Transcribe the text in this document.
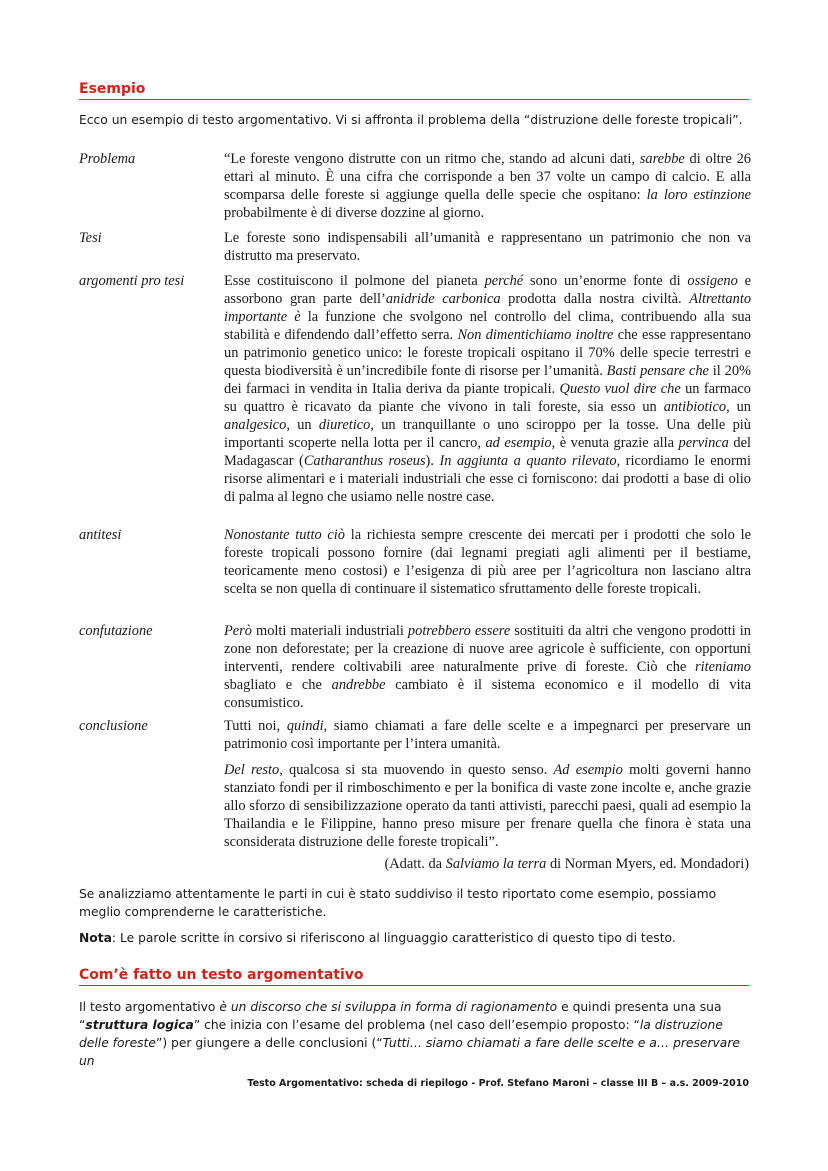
Esempio
Ecco un esempio di testo argomentativo. Vi si affronta il problema della “distruzione delle foreste tropicali”.
Problema	“Le foreste vengono distrutte con un ritmo che, stando ad alcuni dati, sarebbe di oltre 26 ettari al minuto. È una cifra che corrisponde a ben 37 volte un campo di calcio. E alla scomparsa delle foreste si aggiunge quella delle specie che ospitano: la loro estinzione probabilmente è di diverse dozzine al giorno.
Tesi	Le foreste sono indispensabili all’umanità e rappresentano un patrimonio che non va distrutto ma preservato.
argomenti pro tesi	Esse costituiscono il polmone del pianeta perché sono un’enorme fonte di ossigeno e assorbono gran parte dell’anidride carbonica prodotta dalla nostra civiltà. Altrettanto importante è la funzione che svolgono nel controllo del clima, contribuendo alla sua stabilità e difendendo dall’effetto serra. Non dimentichiamo inoltre che esse rappresentano un patrimonio genetico unico: le foreste tropicali ospitano il 70% delle specie terrestri e questa biodiversità è un’incredibile fonte di risorse per l’umanità. Basti pensare che il 20% dei farmaci in vendita in Italia deriva da piante tropicali. Questo vuol dire che un farmaco su quattro è ricavato da piante che vivono in tali foreste, sia esso un antibiotico, un analgesico, un diuretico, un tranquillante o uno sciroppo per la tosse. Una delle più importanti scoperte nella lotta per il cancro, ad esempio, è venuta grazie alla pervinca del Madagascar (Catharanthus roseus). In aggiunta a quanto rilevato, ricordiamo le enormi risorse alimentari e i materiali industriali che esse ci forniscono: dai prodotti a base di olio di palma al legno che usiamo nelle nostre case.
antitesi	Nonostante tutto ciò la richiesta sempre crescente dei mercati per i prodotti che solo le foreste tropicali possono fornire (dai legnami pregiati agli alimenti per il bestiame, teoricamente meno costosi) e l’esigenza di più aree per l’agricoltura non lasciano altra scelta se non quella di continuare il sistematico sfruttamento delle foreste tropicali.
confutazione	Però molti materiali industriali potrebbero essere sostituiti da altri che vengono prodotti in zone non deforestate; per la creazione di nuove aree agricole è sufficiente, con opportuni interventi, rendere coltivabili aree naturalmente prive di foreste. Ciò che riteniamo sbagliato e che andrebbe cambiato è il sistema economico e il modello di vita consumistico.
conclusione	Tutti noi, quindi, siamo chiamati a fare delle scelte e a impegnarci per preservare un patrimonio così importante per l’intera umanità.
Del resto, qualcosa si sta muovendo in questo senso. Ad esempio molti governi hanno stanziato fondi per il rimboschimento e per la bonifica di vaste zone incolte e, anche grazie allo sforzo di sensibilizzazione operato da tanti attivisti, parecchi paesi, quali ad esempio la Thailandia e le Filippine, hanno preso misure per frenare quella che finora è stata una sconsiderata distruzione delle foreste tropicali”.
(Adatt. da Salviamo la terra di Norman Myers, ed. Mondadori)
Se analizziamo attentamente le parti in cui è stato suddiviso il testo riportato come esempio, possiamo meglio comprenderne le caratteristiche.
Nota: Le parole scritte in corsivo si riferiscono al linguaggio caratteristico di questo tipo di testo.
Com’è fatto un testo argomentativo
Il testo argomentativo è un discorso che si sviluppa in forma di ragionamento e quindi presenta una sua “struttura logica” che inizia con l’esame del problema (nel caso dell’esempio proposto: “la distruzione delle foreste”) per giungere a delle conclusioni (“Tutti… siamo chiamati a fare delle scelte e a… preservare un
Testo Argomentativo: scheda di riepilogo - Prof. Stefano Maroni – classe III B – a.s. 2009-2010
